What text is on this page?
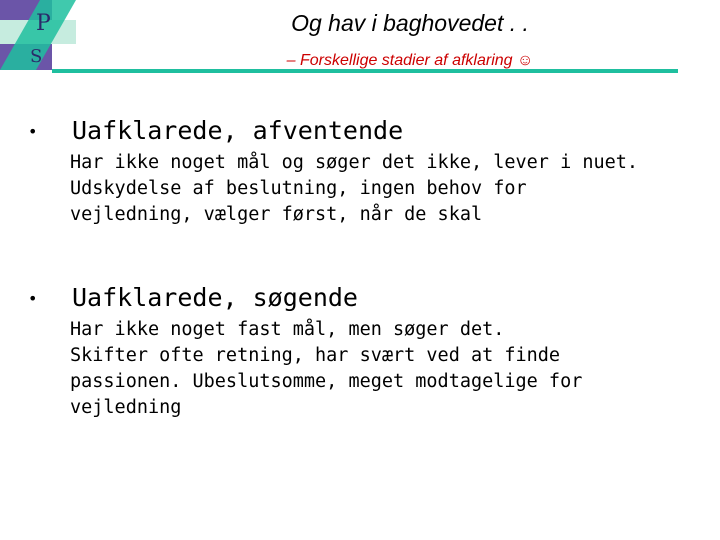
P
S
Og hav i baghovedet . .
– Forskellige stadier af afklaring ☺
• Uafklarede, afventende
Har ikke noget mål og søger det ikke, lever i nuet.
Udskydelse af beslutning, ingen behov for
vejledning, vælger først, når de skal
• Uafklarede, søgende
Har ikke noget fast mål, men søger det.
Skifter ofte retning, har svært ved at finde
passionen. Ubeslutsomme, meget modtagelige for
vejledning
